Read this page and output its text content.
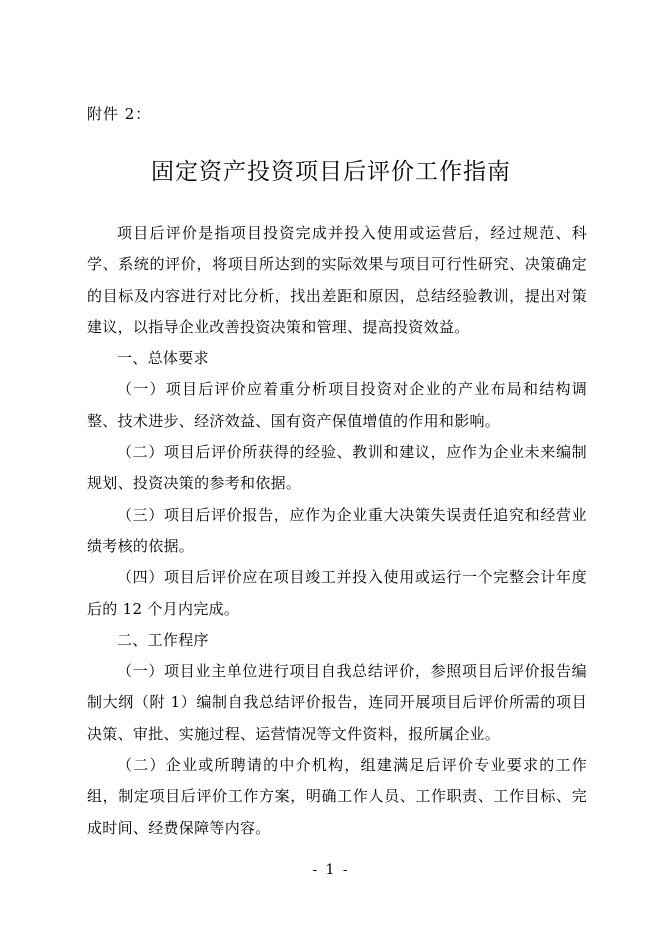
附件 2：
固定资产投资项目后评价工作指南

项目后评价是指项目投资完成并投入使用或运营后，经过规范、科学、系统的评价，将项目所达到的实际效果与项目可行性研究、决策确定的目标及内容进行对比分析，找出差距和原因，总结经验教训，提出对策建议，以指导企业改善投资决策和管理、提高投资效益。

一、总体要求

（一）项目后评价应着重分析项目投资对企业的产业布局和结构调整、技术进步、经济效益、国有资产保值增值的作用和影响。

（二）项目后评价所获得的经验、教训和建议，应作为企业未来编制规划、投资决策的参考和依据。

（三）项目后评价报告，应作为企业重大决策失误责任追究和经营业绩考核的依据。

（四）项目后评价应在项目竣工并投入使用或运行一个完整会计年度后的 12 个月内完成。

二、工作程序

（一）项目业主单位进行项目自我总结评价，参照项目后评价报告编制大纲（附 1）编制自我总结评价报告，连同开展项目后评价所需的项目决策、审批、实施过程、运营情况等文件资料，报所属企业。

（二）企业或所聘请的中介机构，组建满足后评价专业要求的工作组，制定项目后评价工作方案，明确工作人员、工作职责、工作目标、完成时间、经费保障等内容。

- 1 -
